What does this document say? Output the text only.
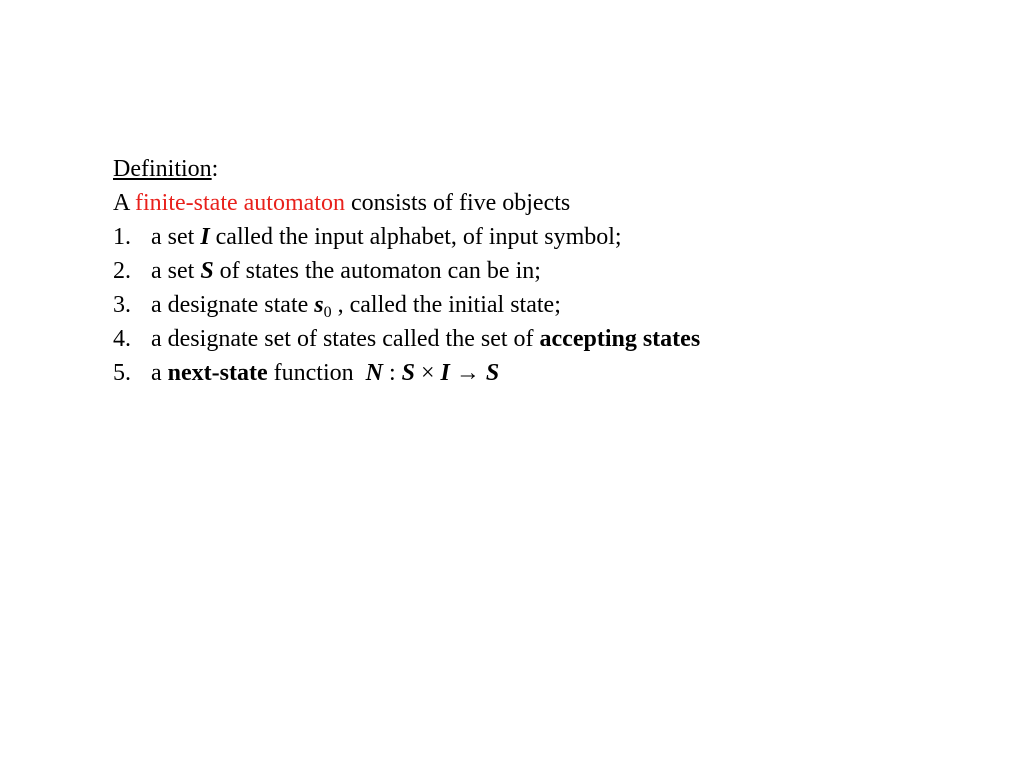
Definition:
A finite-state automaton consists of five objects
1. a set I called the input alphabet, of input symbol;
2. a set S of states the automaton can be in;
3. a designate state $s_0$ , called the initial state;
4. a designate set of states called the set of accepting states
5. a next-state function  N : S × I → S
